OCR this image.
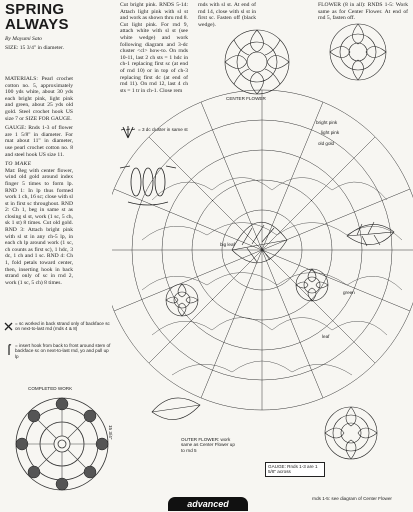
SPRING
ALWAYS
By Mayumi Sato
SIZE: 15 3/4" in diameter.

MATERIALS: Pearl crochet cotton no. 5, approximately 100 yds white, about 30 yds each bright pink, light pink and green, about 25 yds old gold. Steel crochet hook US size 7 or SIZE FOR GAUGE.

GAUGE: Rnds 1-3 of flower are 1 5/8" in diameter. For mat about 11" in diameter, use pearl crochet cotton no. 8 and steel hook US size 11.

TO MAKE

Mat: Beg with center flower, wind old gold around index finger 5 times to form lp. RND 1: In lp thus formed work 1 ch, 16 sc; close with sl st in first sc throughout. RND 2: Ch 1, beg in same st as closing sl st, work (1 sc, 5 ch, sk 1 st) 8 times. Cut old gold. RND 3: Attach bright pink with sl st in any ch-5 lp, in each ch lp around work (1 sc, ch counts as first sc), 1 hdc, 3 dc, 1 ch and 1 sc. RND 4: Ch 1, fold petals toward center, then, inserting hook in back strand only of sc in rnd 2, work (1 sc, 5 ch) 8 times.

Cut bright pink. RNDS 5-14: Attach light pink with sl st and work as shown thru rnd 8. Cut light pink. For rnd 9, attach white with sl st (see white wedge) and work following diagram and 3-dc cluster <cl> how-to. On rnds 10-11, last 2 ch sts = 1 hdc in ch-1 replacing first sc (at end of rnd 10) or in top of ch-3 replacing first dc (at end of rnd 11). On rnd 12, last 4 ch sts = 1 tr in ch-1. Close rem

rnds with sl st. At end of rnd 14, close with sl st in first sc. Fasten off (black wedge).

FLOWER (8 in all): RNDS 1-5: Work same as for Center Flower. At end of rnd 5, fasten off.

= 3 dc cluster in same st
= sc worked in back strand only of backface sc on next-to-last rnd (rnds 4 & 8)
= insert hook from back to front around stem of backface sc on next-to-last rnd, yo and pull up lp
COMPLETED WORK
15 3/4"
CENTER FLOWER
bright pink
light pink
old gold
big leaf
green
leaf
OUTER FLOWER: work same as Center Flower up to rnd 5
GAUGE: Rnds 1-3 are 1 5/8" across
rnds 1-5: see diagram of Center Flower
advanced
